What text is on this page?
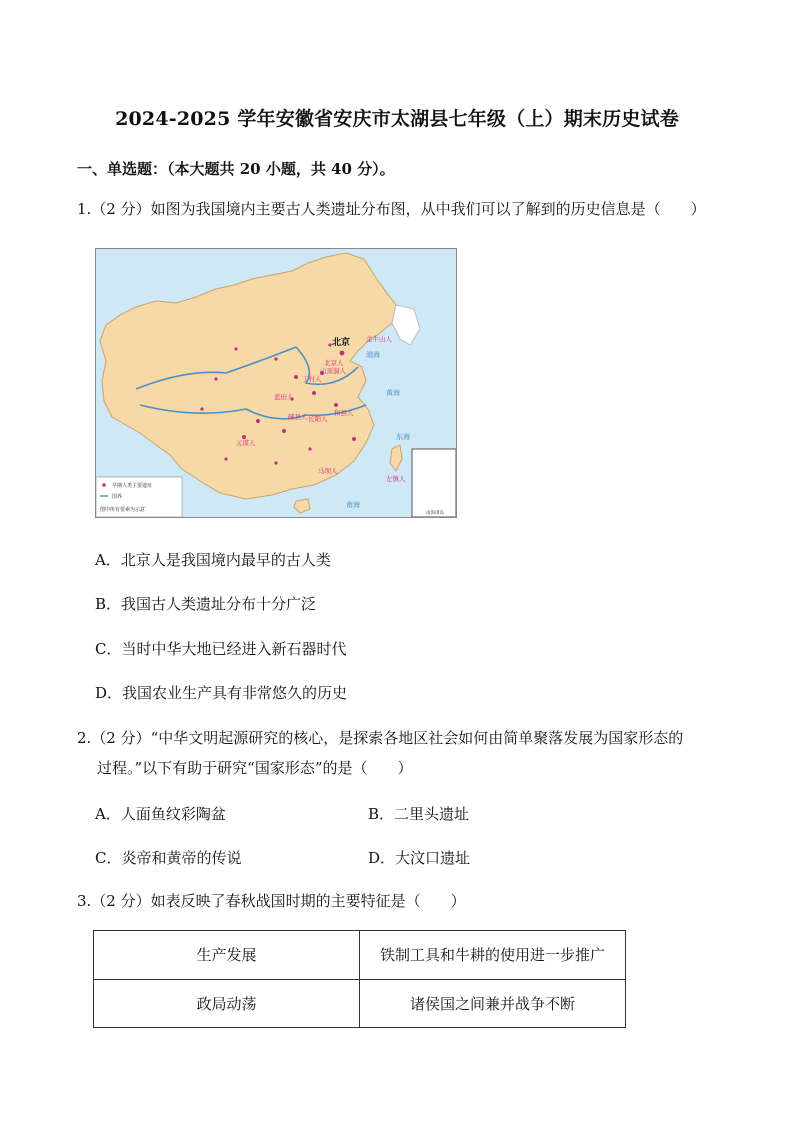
2024-2025 学年安徽省安庆市太湖县七年级（上）期末历史试卷
一、单选题：（本大题共 20 小题，共 40 分）。
1.（2 分）如图为我国境内主要古人类遗址分布图，从中我们可以了解到的历史信息是（　　）
北京 金牛山人
北京人
山顶洞人
丁村人
蓝田人
郧县人	和县人
长阳人
元谋人
马坝人
左镇人
渤海
黄海
东海
南海
南海诸岛
早期人类主要遗址
国界
图中所有要素为示意
A．北京人是我国境内最早的古人类
B．我国古人类遗址分布十分广泛
C．当时中华大地已经进入新石器时代
D．我国农业生产具有非常悠久的历史
2.（2 分）“中华文明起源研究的核心，是探索各地区社会如何由简单聚落发展为国家形态的
过程。”以下有助于研究“国家形态”的是（　　）
A．人面鱼纹彩陶盆	B．二里头遗址
C．炎帝和黄帝的传说	D．大汶口遗址
3.（2 分）如表反映了春秋战国时期的主要特征是（　　）
生产发展	铁制工具和牛耕的使用进一步推广
政局动荡	诸侯国之间兼并战争不断
